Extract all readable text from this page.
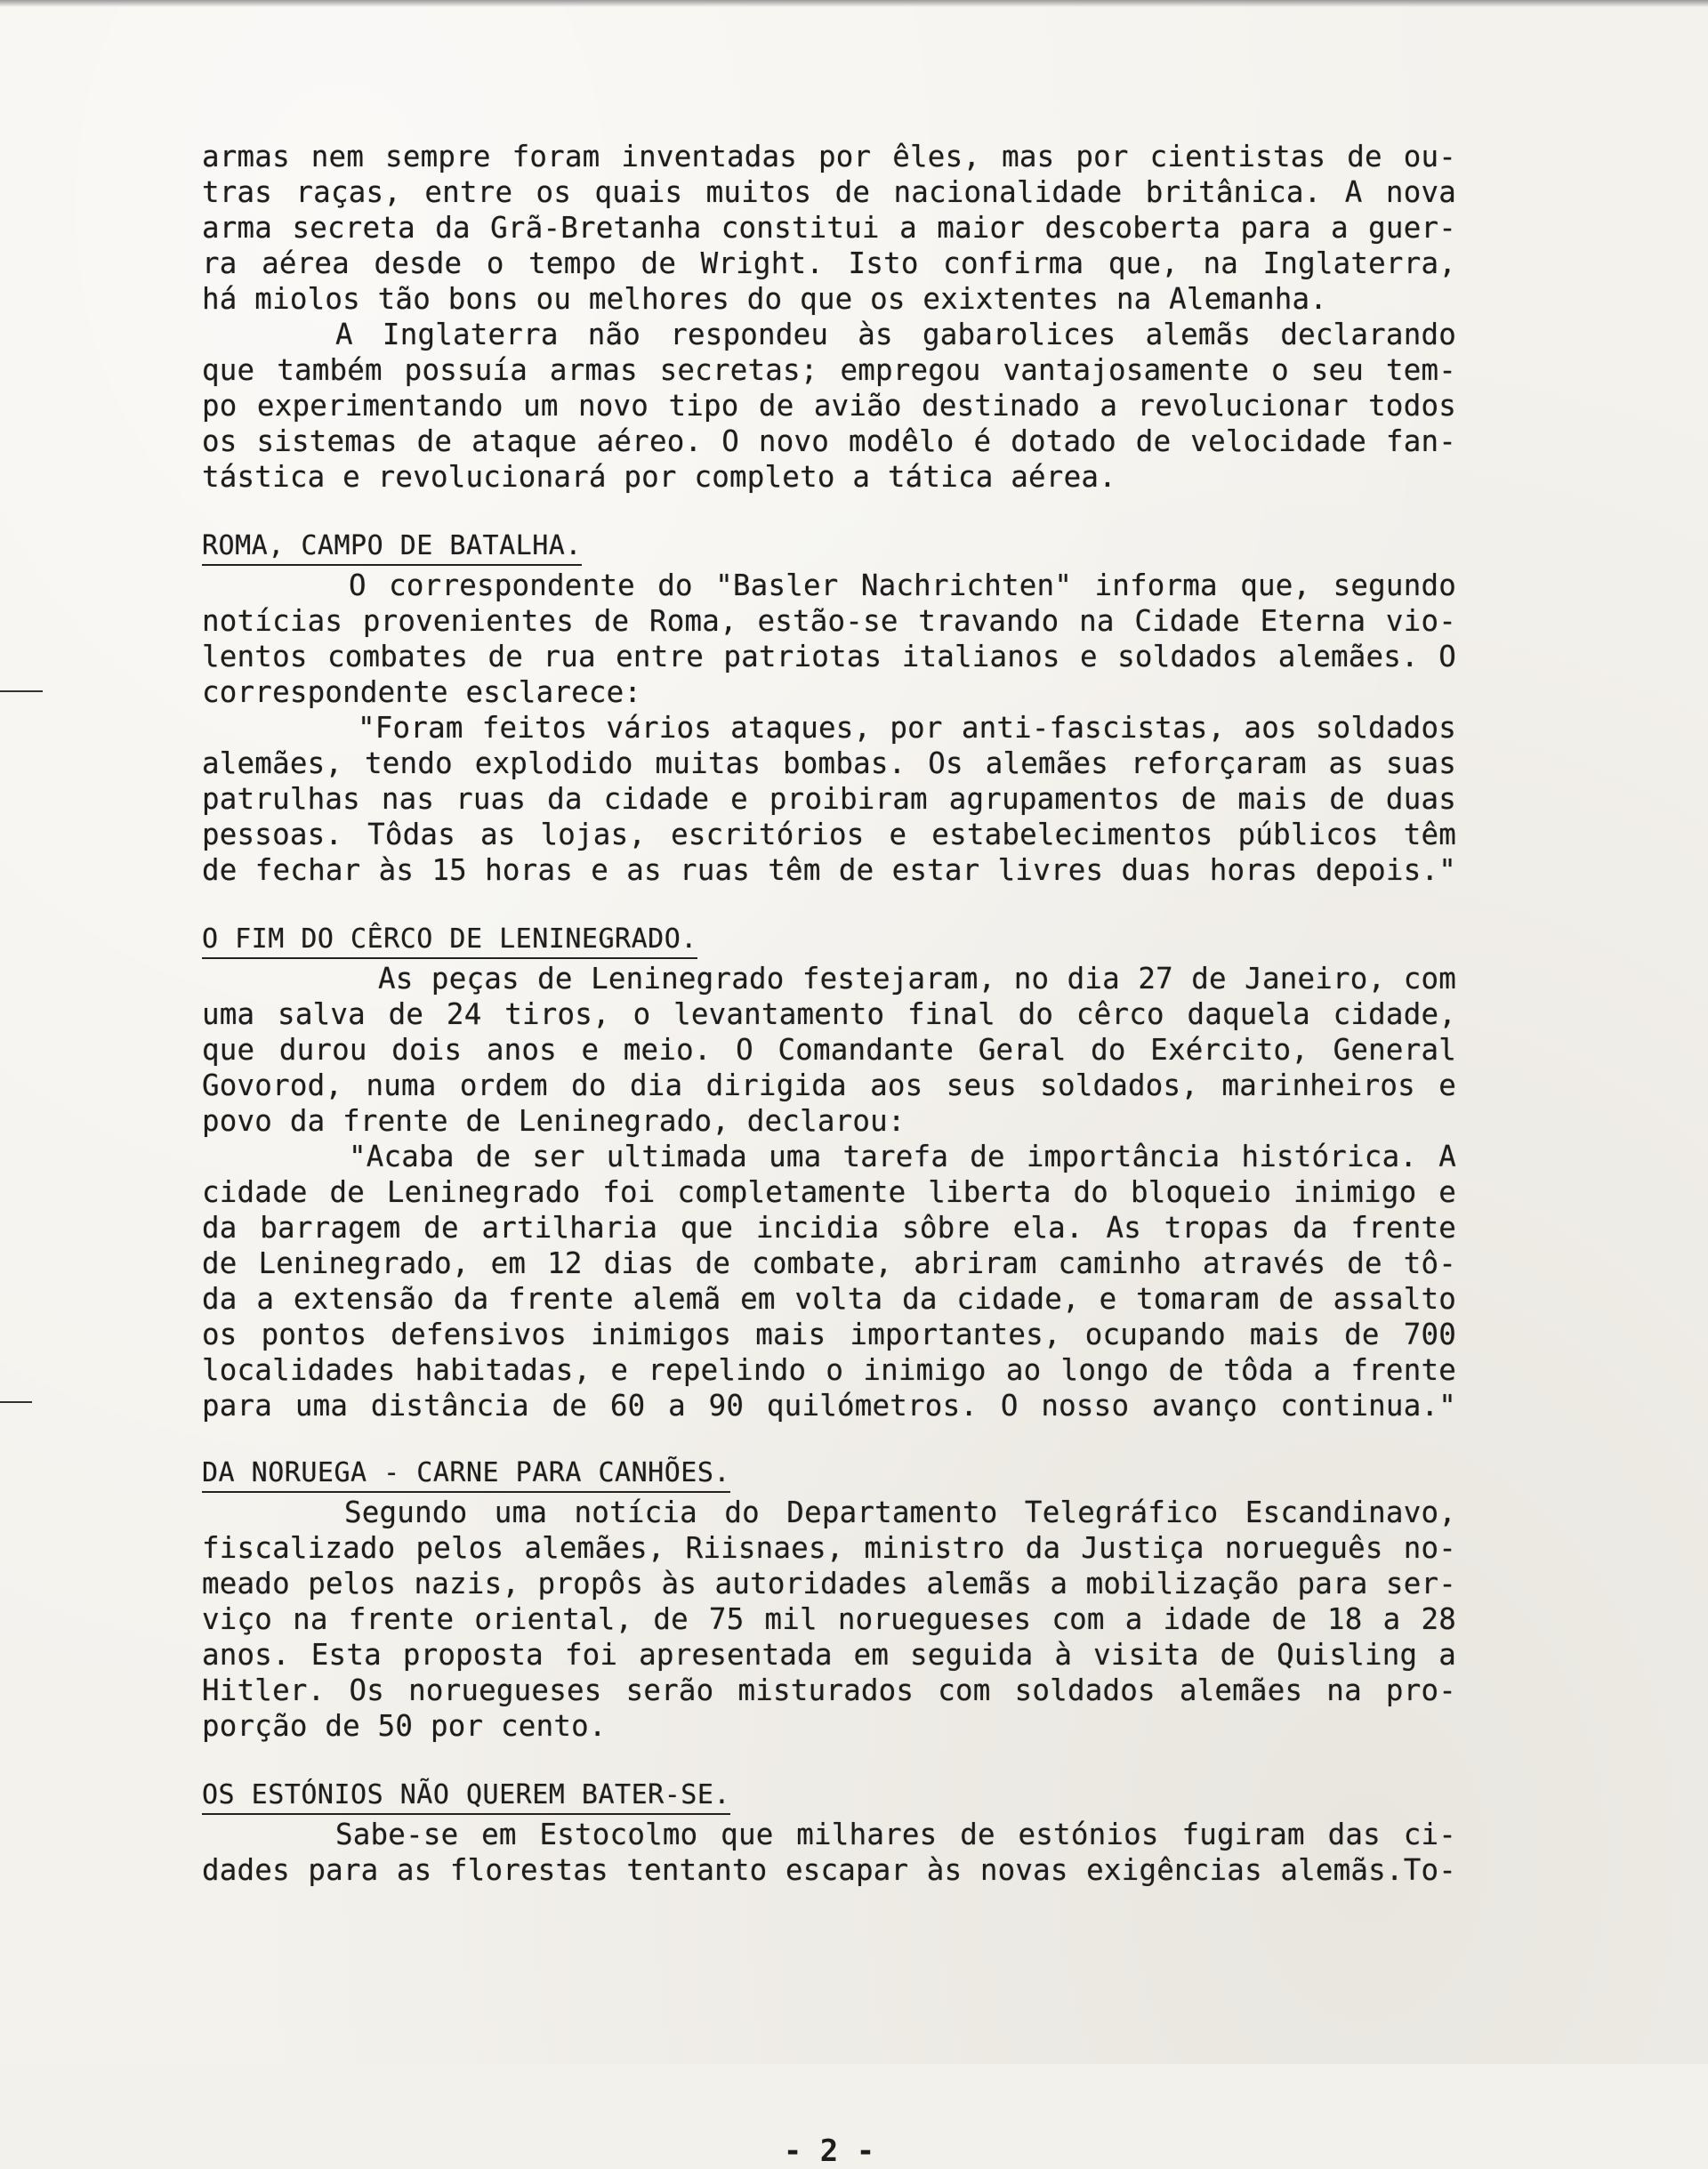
armas nem sempre foram inventadas por êles, mas por cientistas de ou-
tras raças, entre os quais muitos de nacionalidade britânica. A nova
arma secreta da Grã-Bretanha constitui a maior descoberta para a guer-
ra aérea desde o tempo de Wright. Isto confirma que, na Inglaterra,
há miolos tão bons ou melhores do que os exixtentes na Alemanha.
A Inglaterra não respondeu às gabarolices alemãs declarando
que também possuía armas secretas; empregou vantajosamente o seu tem-
po experimentando um novo tipo de avião destinado a revolucionar todos
os sistemas de ataque aéreo. O novo modêlo é dotado de velocidade fan-
tástica e revolucionará por completo a tática aérea.
ROMA, CAMPO DE BATALHA.
O correspondente do "Basler Nachrichten" informa que, segundo
notícias provenientes de Roma, estão-se travando na Cidade Eterna vio-
lentos combates de rua entre patriotas italianos e soldados alemães. O
correspondente esclarece:
"Foram feitos vários ataques, por anti-fascistas, aos soldados
alemães, tendo explodido muitas bombas. Os alemães reforçaram as suas
patrulhas nas ruas da cidade e proibiram agrupamentos de mais de duas
pessoas. Tôdas as lojas, escritórios e estabelecimentos públicos têm
de fechar às 15 horas e as ruas têm de estar livres duas horas depois."
O FIM DO CÊRCO DE LENINEGRADO.
As peças de Leninegrado festejaram, no dia 27 de Janeiro, com
uma salva de 24 tiros, o levantamento final do cêrco daquela cidade,
que durou dois anos e meio. O Comandante Geral do Exército, General
Govorod, numa ordem do dia dirigida aos seus soldados, marinheiros e
povo da frente de Leninegrado, declarou:
"Acaba de ser ultimada uma tarefa de importância histórica. A
cidade de Leninegrado foi completamente liberta do bloqueio inimigo e
da barragem de artilharia que incidia sôbre ela. As tropas da frente
de Leninegrado, em 12 dias de combate, abriram caminho através de tô-
da a extensão da frente alemã em volta da cidade, e tomaram de assalto
os pontos defensivos inimigos mais importantes, ocupando mais de 700
localidades habitadas, e repelindo o inimigo ao longo de tôda a frente
para uma distância de 60 a 90 quilómetros. O nosso avanço continua."
DA NORUEGA - CARNE PARA CANHÕES.
Segundo uma notícia do Departamento Telegráfico Escandinavo,
fiscalizado pelos alemães, Riisnaes, ministro da Justiça norueguês no-
meado pelos nazis, propôs às autoridades alemãs a mobilização para ser-
viço na frente oriental, de 75 mil noruegueses com a idade de 18 a 28
anos. Esta proposta foi apresentada em seguida à visita de Quisling a
Hitler. Os noruegueses serão misturados com soldados alemães na pro-
porção de 50 por cento.
OS ESTÓNIOS NÃO QUEREM BATER-SE.
Sabe-se em Estocolmo que milhares de estónios fugiram das ci-
dades para as florestas tentanto escapar às novas exigências alemãs.To-
- 2 -
